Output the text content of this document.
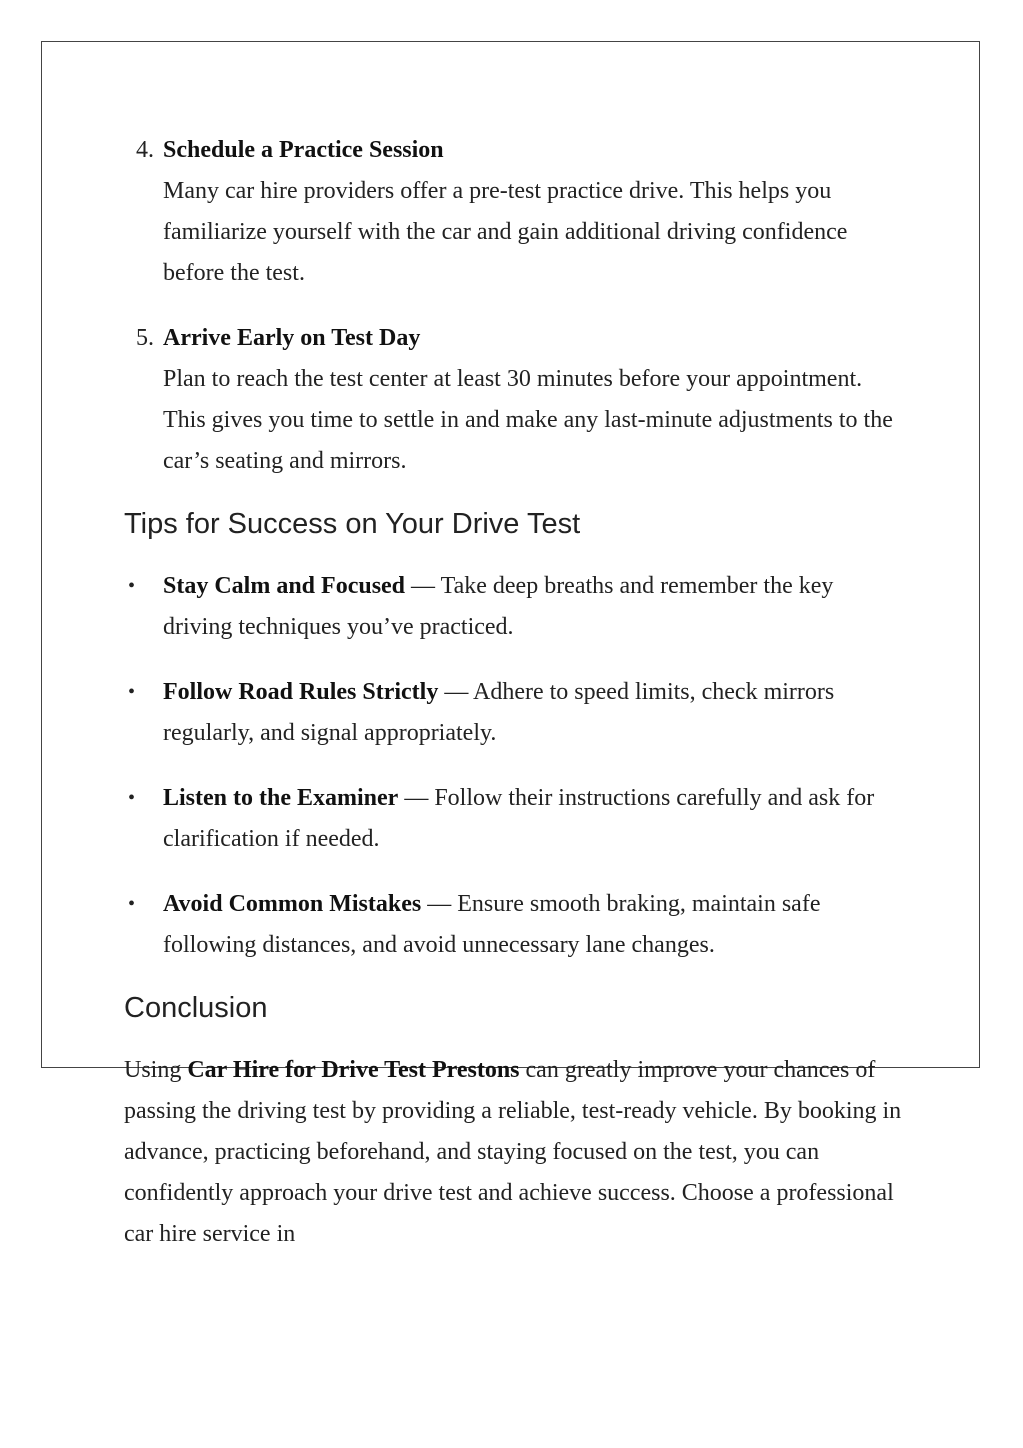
4. Schedule a Practice Session
Many car hire providers offer a pre-test practice drive. This helps you familiarize yourself with the car and gain additional driving confidence before the test.
5. Arrive Early on Test Day
Plan to reach the test center at least 30 minutes before your appointment. This gives you time to settle in and make any last-minute adjustments to the car’s seating and mirrors.
Tips for Success on Your Drive Test
• Stay Calm and Focused — Take deep breaths and remember the key driving techniques you’ve practiced.
• Follow Road Rules Strictly — Adhere to speed limits, check mirrors regularly, and signal appropriately.
• Listen to the Examiner — Follow their instructions carefully and ask for clarification if needed.
• Avoid Common Mistakes — Ensure smooth braking, maintain safe following distances, and avoid unnecessary lane changes.
Conclusion

Using Car Hire for Drive Test Prestons can greatly improve your chances of passing the driving test by providing a reliable, test-ready vehicle. By booking in advance, practicing beforehand, and staying focused on the test, you can confidently approach your drive test and achieve success. Choose a professional car hire service in
